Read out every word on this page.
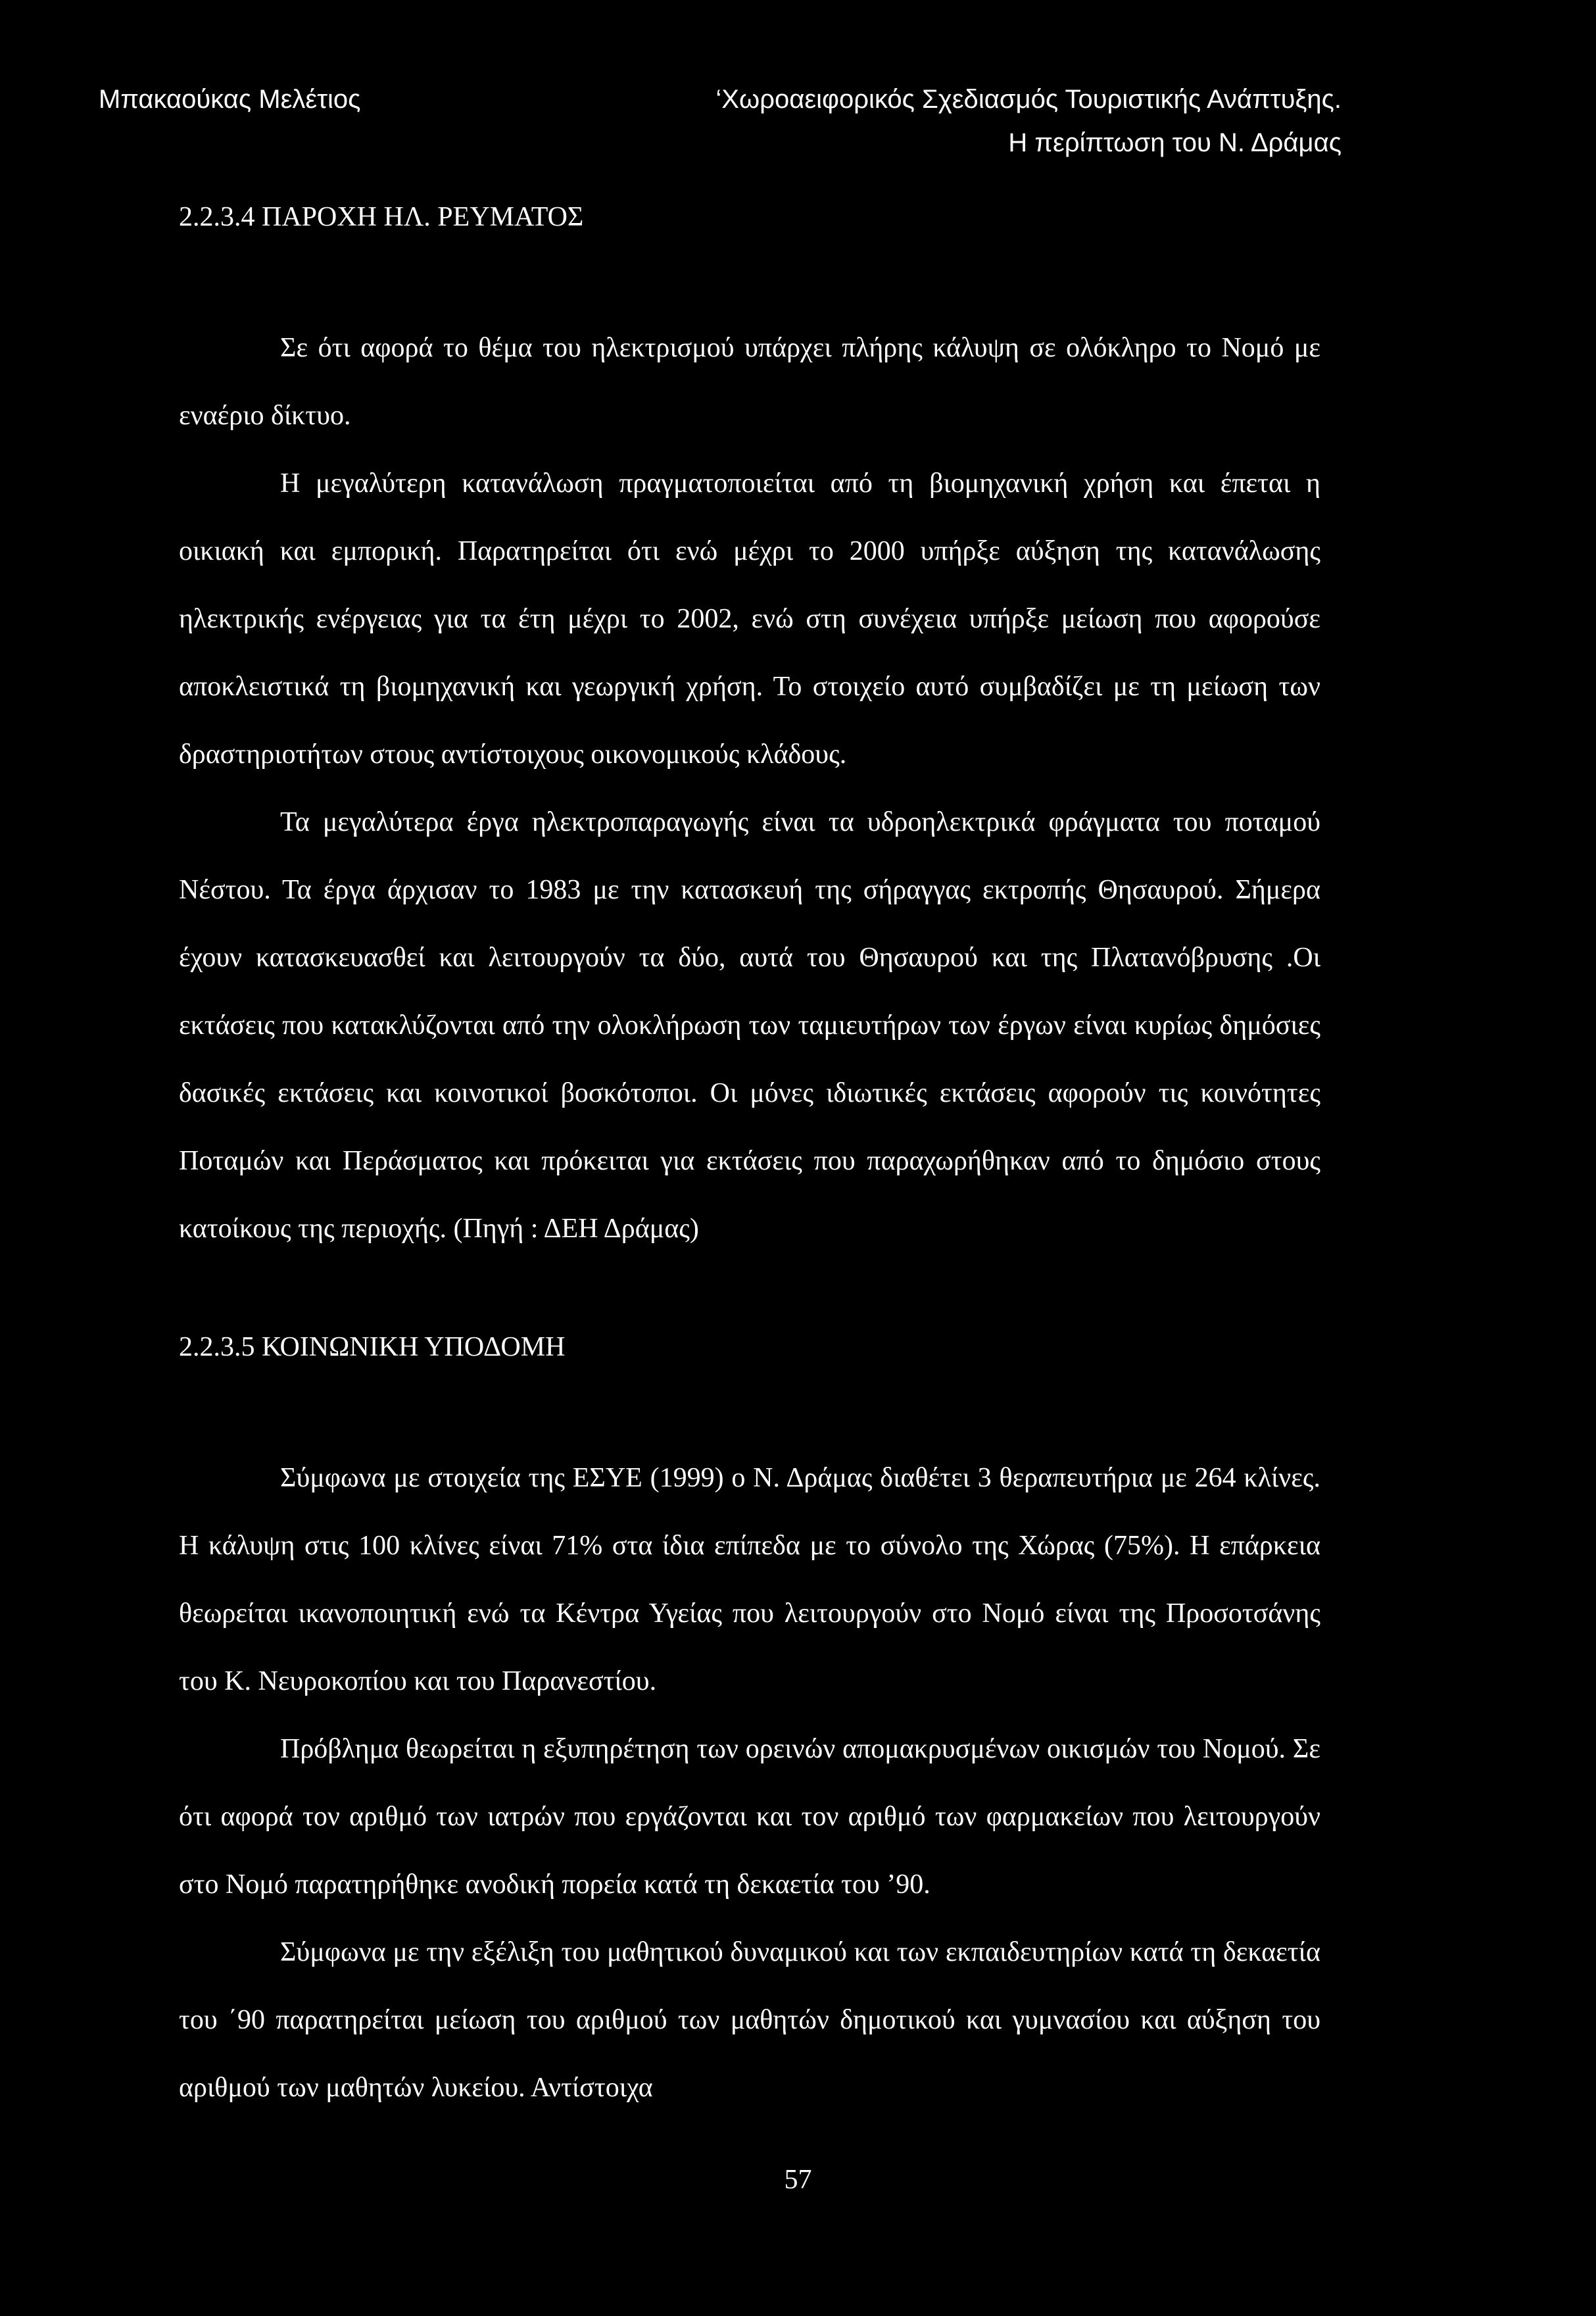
Μπακαούκας Μελέτιος	‘Χωροαειφορικός Σχεδιασμός Τουριστικής Ανάπτυξης.
Η περίπτωση του Ν. Δράμας
2.2.3.4 ΠΑΡΟΧΗ ΗΛ. ΡΕΥΜΑΤΟΣ

Σε ότι αφορά το θέμα του ηλεκτρισμού υπάρχει πλήρης κάλυψη σε ολόκληρο το Νομό με εναέριο δίκτυο.

Η μεγαλύτερη κατανάλωση πραγματοποιείται από τη βιομηχανική χρήση και έπεται η οικιακή και εμπορική. Παρατηρείται ότι ενώ μέχρι το 2000 υπήρξε αύξηση της κατανάλωσης ηλεκτρικής ενέργειας για τα έτη μέχρι το 2002, ενώ στη συνέχεια υπήρξε μείωση που αφορούσε αποκλειστικά τη βιομηχανική και γεωργική χρήση. Το στοιχείο αυτό συμβαδίζει με τη μείωση των δραστηριοτήτων στους αντίστοιχους οικονομικούς κλάδους.

Τα μεγαλύτερα έργα ηλεκτροπαραγωγής είναι τα υδροηλεκτρικά φράγματα του ποταμού Νέστου. Τα έργα άρχισαν το 1983 με την κατασκευή της σήραγγας εκτροπής Θησαυρού. Σήμερα έχουν κατασκευασθεί και λειτουργούν τα δύο, αυτά του Θησαυρού και της Πλατανόβρυσης .Οι εκτάσεις που κατακλύζονται από την ολοκλήρωση των ταμιευτήρων των έργων είναι κυρίως δημόσιες δασικές εκτάσεις και κοινοτικοί βοσκότοποι. Οι μόνες ιδιωτικές εκτάσεις αφορούν τις κοινότητες Ποταμών και Περάσματος και πρόκειται για εκτάσεις που παραχωρήθηκαν από το δημόσιο στους κατοίκους της περιοχής. (Πηγή : ΔΕΗ Δράμας)

2.2.3.5 ΚΟΙΝΩΝΙΚΗ ΥΠΟΔΟΜΗ

Σύμφωνα με στοιχεία της ΕΣΥΕ (1999) ο Ν. Δράμας διαθέτει 3 θεραπευτήρια με 264 κλίνες. Η κάλυψη στις 100 κλίνες είναι 71% στα ίδια επίπεδα με το σύνολο της Χώρας (75%). Η επάρκεια θεωρείται ικανοποιητική ενώ τα Κέντρα Υγείας που λειτουργούν στο Νομό είναι της Προσοτσάνης του Κ. Νευροκοπίου και του Παρανεστίου.

Πρόβλημα θεωρείται η εξυπηρέτηση των ορεινών απομακρυσμένων οικισμών του Νομού. Σε ότι αφορά τον αριθμό των ιατρών που εργάζονται και τον αριθμό των φαρμακείων που λειτουργούν στο Νομό παρατηρήθηκε ανοδική πορεία κατά τη δεκαετία του ’90.

Σύμφωνα με την εξέλιξη του μαθητικού δυναμικού και των εκπαιδευτηρίων κατά τη δεκαετία του ΄90 παρατηρείται μείωση του αριθμού των μαθητών δημοτικού και γυμνασίου και αύξηση του αριθμού των μαθητών λυκείου. Αντίστοιχα

57
